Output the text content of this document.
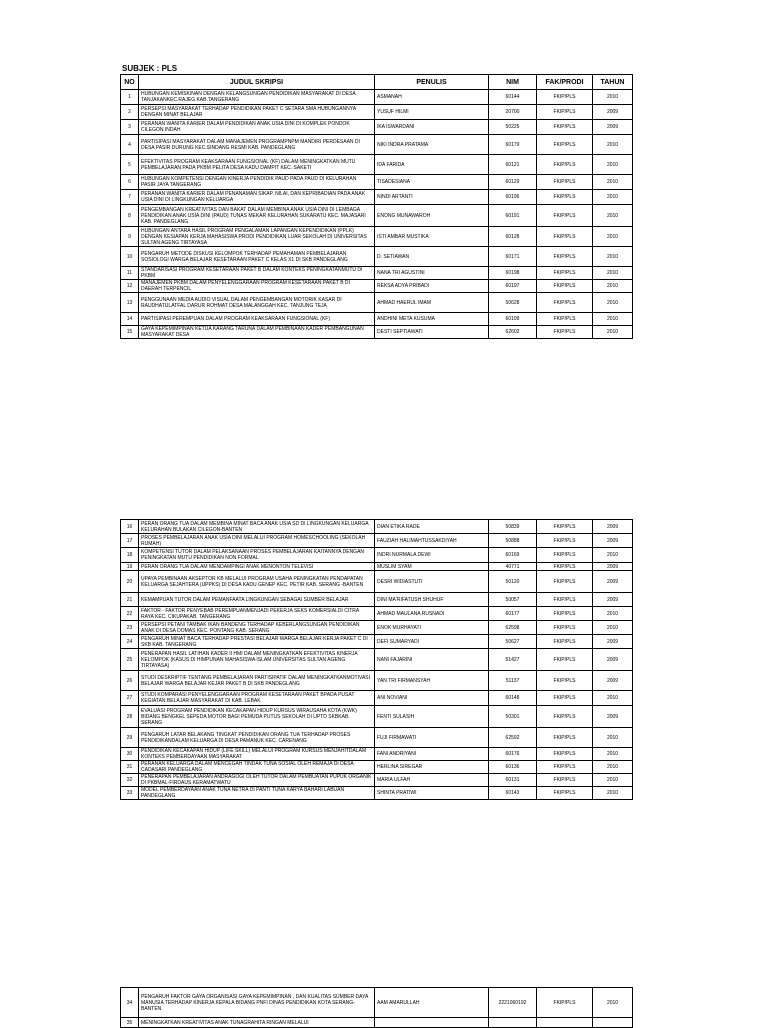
SUBJEK : PLS
NO	JUDUL SKRIPSI	PENULIS	NIM	FAK/PRODI	TAHUN
1	HUBUNGAN KEMISKINAN DENGAN KELANGSUNGAN PENDIDIKAN MASYARAKAT DI DESA TANJAKANKEC.RAJEG KAB.TANGERANG	ASMANAH	60144	FKIP/PLS	2010
2	PERSEPSI MASYARAKAT TERHADAP PENDIDIKAN PAKET C SETARA SMA HUBUNGANNYA DENGAN MINAT BELAJAR	YUSUF HILMI	20700	FKIP/PLS	2009
3	PERANAN WANITA KARIER DALAM PENDIDIKAN ANAK USIA DINI DI KOMPLEK PONDOK CILEGON INDAH	IKA ISWARDANI	50225	FKIP/PLS	2009
4	PARTISIPASI MASYARAKAT DALAM MANAJEMEN PROGRAMPNPM MANDIRI PERDESAAN DI DESA PASIR DURUNG KEC.SINDANG RESMI KAB. PANDEGLANG	NIKI INDRA PRATAMA	60179	FKIP/PLS	2010
5	EFEKTIVITAS PROGRAM KEAKSARAAN FUNGSIONAL (KF) DALAM MENINGKATKAN MUTU PEMBELAJARAN PADA PKBM PELITA DESA KADU DAMPIT KEC. SAKETI	IDA FARIDA	60121	FKIP/PLS	2010
6	HUBUNGAN KOMPETENSI DENGAN KINERJA PENDIDIK PAUD PADA PAUD DI KELURAHAN PASIR JAYA TANGERANG	TISADESIANA	60129	FKIP/PLS	2010
7	PERANAN WANITA KARIER DALAM PENANAMAN SIKAP, NILAI, DAN KEPRIBADIAN PADA ANAK USIA DINI DI LINGKUNGAN KELUARGA	NINDI ARTANTI	60196	FKIP/PLS	2010
8	PENGEMBANGAN KREATIVITAS DAN BAKAT DALAM MEMBINA ANAK USIA DINI DI LEMBAGA PENDIDIKAN ANAK USIA DINI (PAUD) TUNAS MEKAR KELURAHAN SUKARATU KEC. MAJASARI KAB. PANDEGLANG	ENONG MUNAWAROH	60191	FKIP/PLS	2010
9	HUBUNGAN ANTARA HASIL PROGRAM PENGALAMAN LAPANGAN KEPENDIDIKAN (PPLK) DENGAN KESIAPAN KERJA MAHASISWA PRODI PENDIDIKAN LUAR SEKOLAH DI UNIVERSITAS SULTAN AGENG TIRTAYASA	ISTI AMBAR MUSTIKA	60128	FKIP/PLS	2010
10	PENGARUH METODE DISKUSI KELOMPOK TERHADAP PEMAHAMAN PEMBELAJARAN SOSIOLOGI WARGA BELAJAR KESETARAAN PAKET C KELAS X1 DI SKB PANDEGLANG	D. SETIAWAN	60171	FKIP/PLS	2010
11	STANDARISASI PROGRAM KESETARAAN PAKET B DALAM KONTEKS PENINGKATANMUTU DI PKBM	NANA TRI AGUSTINI	60198	FKIP/PLS	2010
12	MANAJEMEN PKBM DALAM PENYELENGGARAAN PROGRAM KESETARAAN PAKET B DI DAERAH TERPENCIL	REKSA ADYA PRIBADI	60197	FKIP/PLS	2010
13	PENGGUNAAN MEDIA AUDIO VISUAL DALAM PENGEMBANGAN MOTORIK KASAR DI RAUDHATULATFAL DARUR ROHMAT DESA MALANGGAH KEC. TANJUNG TEJA	AHMAD HAERUL IMAM	50628	FKIP/PLS	2010
14	PARTISIPASI PEREMPUAN DALAM PROGRAM KEAKSARAAN FUNGSIONAL (KF)	ANDHINI META KUSUMA	60199	FKIP/PLS	2010
15	GAYA KEPEMIMPINAN KETUA KARANG TARUNA DALAM PEMBINAAN KADER PEMBANGUNAN MASYARAKAT DESA	DESTI SEPTIAWATI	62602	FKIP/PLS	2010
16	PERAN ORANG TUA DALAM MEMBINA MINAT BACA ANAK USIA SD DI LINGKUNGAN KELUARGA KELURAHAN BULAKAN CILEGON-BANTEN	DIAN ETIKA RADE	50839	FKIP/PLS	2009
17	PROSES PEMBELAJARAN ANAK USIA DINI MELALUI PROGRAM HOMESCHOOLING (SEKOLAH RUMAH)	FAUZIAH HALIMAHTUSSAKDIYAH	50888	FKIP/PLS	2009
18	KOMPETENSI TUTOR DALAM PELAKSANAAN PROSES PEMBELAJARAN KAITANNYA DENGAN PENINGKATAN MUTU PENDIDIKAN NON FORMAL	INDRI NURMALA DEWI	60169	FKIP/PLS	2010
19	PERAN ORANG TUA DALAM MENDAMPINGI ANAK MENONTON TELEVISI	MUSLIM SYAM	40771	FKIP/PLS	2009
20	UPAYA PEMBINAAN AKSEPTOR KB MELALUI PROGRAM USAHA PENINGKATAN PENDAPATAN KELUARGA SEJAHTERA (UPPKS) DI DESA KADU GENEP KEC. PETIR KAB. SERANG -BANTEN	DESRI WIDIASTUTI	50120	FKIP/PLS	2009
21	KEMAMPUAN TUTOR DALAM PEMANFAATA LINGKUNGAN SEBAGAI SUMBER BELAJAR	DINI MA'RIFATUSH SHUHUF	50057	FKIP/PLS	2009
22	FAKTOR - FAKTOR PENYEBAB PEREMPUANMENJADI PEKERJA SEKS KOMERSIALDI CITRA RAYA KEC. CIKUPAKAB. TANGERANG	AHMAD MAULANA RUSNADI	60177	FKIP/PLS	2010
23	PERSEPSI PETANI TAMBAK IKAN BANDENG TERHADAP KEBERLANGSUNGAN PENDIDIKAN ANAK DI DESA DOMAS KEC. PONTANG KAB. SERANG	ENOK MURHAYATI	62598	FKIP/PLS	2010
24	PENGARUH MINAT BACA TERHADAP PRESTASI BELAJAR WARGA BELAJAR KERJA PAKET C DI SKB KAB. TANGERANG	DEFI SUMARYADI	50627	FKIP/PLS	2009
25	PENERAPAN HASIL LATIHAN KADER II HMI DALAM MENINGKATKAN EFEKTIVITAS KINERJA KELOMPOK (KASUS DI HIMPUNAN MAHASISWA ISLAM UNIVERSITAS SULTAN AGENG TIRTAYASA)	NANI FAJARINI	51427	FKIP/PLS	2009
26	STUDI DESKRIPTIF TENTANG PEMBELAJARAN PARTISIPATIF DALAM MENINGKATKANMOTIVASI BELAJAR WARGA BELAJAR KEJAR PAKET B DI SKB PANDEGLANG	YAN TRI FIRMANSYAH	51137	FKIP/PLS	2009
27	STUDI KOMPARASI PENYELENGGARAAN PROGRAM KESETARAAN PAKET BPADA PUSAT KEGIATAN BELAJAR MASYARAKAT DI KAB. LEBAK	ANI NOVIANI	60148	FKIP/PLS	2010
28	EVALUASI PROGRAM PENDIDIKAN KECAKAPAN HIDUP KURSUS WIRAUSAHA KOTA (KWK) BIDANG BENGKEL SEPEDA MOTOR BAGI PEMUDA PUTUS SEKOLAH DI UPTD SKBKAB. SERANG	FENTI SULASIH	50301	FKIP/PLS	2009
29	PENGARUH LATAR BELAKANG TINGKAT PENDIDIKAN ORANG TUA TERHADAP PROSES PENDIDIKANDALAM KELUARGA DI DESA PAMANUK KEC. CARENANG	FUJI FIRMAWATI	62592	FKIP/PLS	2010
30	PENDIDIKAN KECAKAPAN HIDUP (LIFE SKILL) MELALUI PROGRAM KURSUS MENJAHITDALAM KONTEKS PEMBERDAYAAN MASYARAKAT	FANI ANDRIYANI	60176	FKIP/PLS	2010
31	PERANAN KELUARGA DALAM MENCEGAH TINDAK TUNA SOSIAL OLEH REMAJA DI DESA CADASARI PANDEGLANG	HERLINA SIREGAR	60136	FKIP/PLS	2010
32	PENERAPAN PEMBELAJARAN ANDRAGOGI OLEH TUTOR DALAM PEMBUATAN PUPUK ORGANIK DI PKBMAL-FIRDAUS KERAMATWATU	MARIA ULFAH	60131	FKIP/PLS	2010
33	MODEL PEMBERDAYAAN ANAK TUNA NETRA DI PANTI TUNA KARYA BAHARI LABUAN PANDEGLANG	SHINTA PRATIWI	60143	FKIP/PLS	2010
34	PENGARUH FAKTOR GAYA ORGANISASI GAYA KEPEMIMPINAN , DAN KUALITAS SUMBER DAYA MANUSIA TERHADAP KINERJA KEPALA BIDANG PNFI DINAS PENDIDIKAN KOTA SERANG-BANTEN	AAM AMARULLAH	2221060192	FKIP/PLS	2010
35	MENINGKATKAN KREATIVITAS ANAK TUNAGRAHITA RINGAN MELALUI				
